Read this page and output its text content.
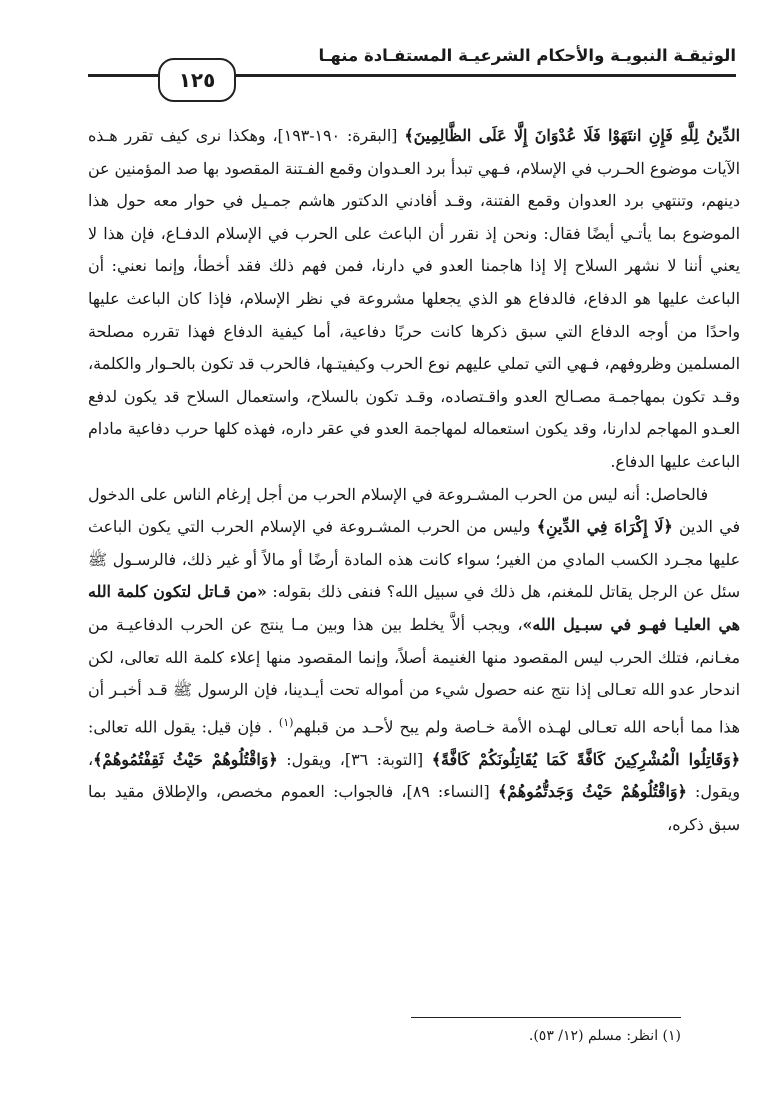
الوثيقـة النبويـة والأحكام الشرعيـة المستفـادة منهـا
١٢٥

الدِّينُ لِلَّهِ فَإِنِ انتَهَوْا فَلَا عُدْوَانَ إِلَّا عَلَى الظَّالِمِينَ﴾ [البقرة: ١٩٠-١٩٣]، وهكذا نرى كيف تقرر هـذه الآيات موضوع الحـرب في الإسلام، فـهي تبدأ برد العـدوان وقمع الفـتنة المقصود بها صد المؤمنين عن دينهم، وتنتهي برد العدوان وقمع الفتنة، وقـد أفادني الدكتور هاشم جمـيل في حوار معه حول هذا الموضوع بما يأتـي أيضًا فقال: ونحن إذ نقرر أن الباعث على الحرب في الإسلام الدفـاع، فإن هذا لا يعني أننا لا نشهر السلاح إلا إذا هاجمنا العدو في دارنا، فمن فهم ذلك فقد أخطأ، وإنما نعني: أن الباعث عليها هو الدفاع، فالدفاع هو الذي يجعلها مشروعة في نظر الإسلام، فإذا كان الباعث عليها واحدًا من أوجه الدفاع التي سبق ذكرها كانت حربًا دفاعية، أما كيفية الدفاع فهذا تقرره مصلحة المسلمين وظروفهم، فـهي التي تملي عليهم نوع الحرب وكيفيتـها، فالحرب قد تكون بالحـوار والكلمة، وقـد تكون بمهاجمـة مصـالح العدو واقـتصاده، وقـد تكون بالسلاح، واستعمال السلاح قد يكون لدفع العـدو المهاجم لدارنا، وقد يكون استعماله لمهاجمة العدو في عقر داره، فهذه كلها حرب دفاعية مادام الباعث عليها الدفاع.

فالحاصل: أنه ليس من الحرب المشـروعة في الإسلام الحرب من أجل إرغام الناس على الدخول في الدين ﴿لَا إِكْرَاهَ فِي الدِّينِ﴾ وليس من الحرب المشـروعة في الإسلام الحرب التي يكون الباعث عليها مجـرد الكسب المادي من الغير؛ سواء كانت هذه المادة أرضًا أو مالاً أو غير ذلك، فالرسـول ﷺ سئل عن الرجل يقاتل للمغنم، هل ذلك في سبيل الله؟ فنفى ذلك بقوله: «من قـاتل لتكون كلمة الله هي العليـا فهـو في سبـيل الله»، ويجب ألاَّ يخلط بين هذا وبين مـا ينتج عن الحرب الدفاعيـة من مغـانم، فتلك الحرب ليس المقصود منها الغنيمة أصلاً، وإنما المقصود منها إعلاء كلمة الله تعالى، لكن اندحار عدو الله تعـالى إذا نتج عنه حصول شيء من أمواله تحت أيـدينا، فإن الرسول ﷺ قـد أخبـر أن هذا مما أباحه الله تعـالى لهـذه الأمة خـاصة ولم يبح لأحـد من قبلهم$^{(١)}$ . فإن قيل: يقول الله تعالى: ﴿وَقَاتِلُوا الْمُشْرِكِينَ كَافَّةً كَمَا يُقَاتِلُونَكُمْ كَافَّةً﴾ [التوبة: ٣٦]، ويقول: ﴿وَاقْتُلُوهُمْ حَيْثُ ثَقِفْتُمُوهُمْ﴾، ويقول: ﴿وَاقْتُلُوهُمْ حَيْثُ وَجَدتُّمُوهُمْ﴾ [النساء: ٨٩]، فالجواب: العموم مخصص، والإطلاق مقيد بما سبق ذكره،

(١) انظر: مسلم (١٢/ ٥٣).
